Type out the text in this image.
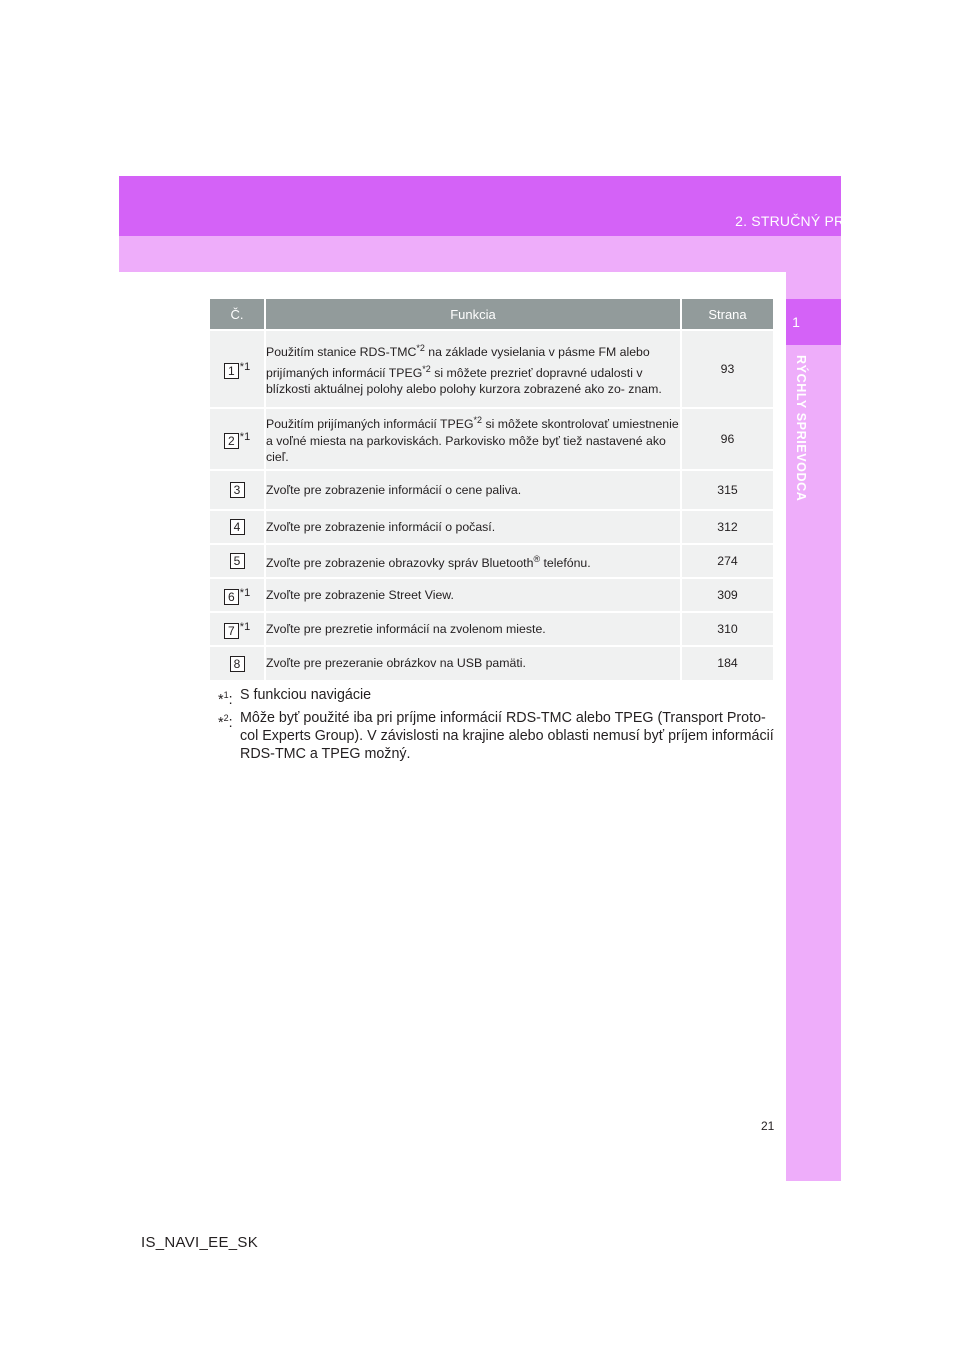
2. STRUČNÝ PREHĽAD
1
RÝCHLY SPRIEVODCA
Č.	Funkcia	Strana
1 *1	Použitím stanice RDS-TMC$^{*2}$ na základe vysielania v pásme FM alebo prijímaných informácií TPEG$^{*2}$ si môžete prezrieť dopravné udalosti v blízkosti aktuálnej polohy alebo polohy kurzora zobrazené ako zo- znam.	93
2 *1	Použitím prijímaných informácií TPEG$^{*2}$ si môžete skontrolovať umiestnenie a voľné miesta na parkoviskách. Parkovisko môže byť tiež nastavené ako cieľ.	96
3	Zvoľte pre zobrazenie informácií o cene paliva.	315
4	Zvoľte pre zobrazenie informácií o počasí.	312
5	Zvoľte pre zobrazenie obrazovky správ Bluetooth® telefónu.	274
6 *1	Zvoľte pre zobrazenie Street View.	309
7 *1	Zvoľte pre prezretie informácií na zvolenom mieste.	310
8	Zvoľte pre prezeranie obrázkov na USB pamäti.	184
*$^1$: S funkciou navigácie
*$^2$: Môže byť použité iba pri príjme informácií RDS-TMC alebo TPEG (Transport Proto- col Experts Group). V závislosti na krajine alebo oblasti nemusí byť príjem informácií RDS-TMC a TPEG možný.
21
IS_NAVI_EE_SK
